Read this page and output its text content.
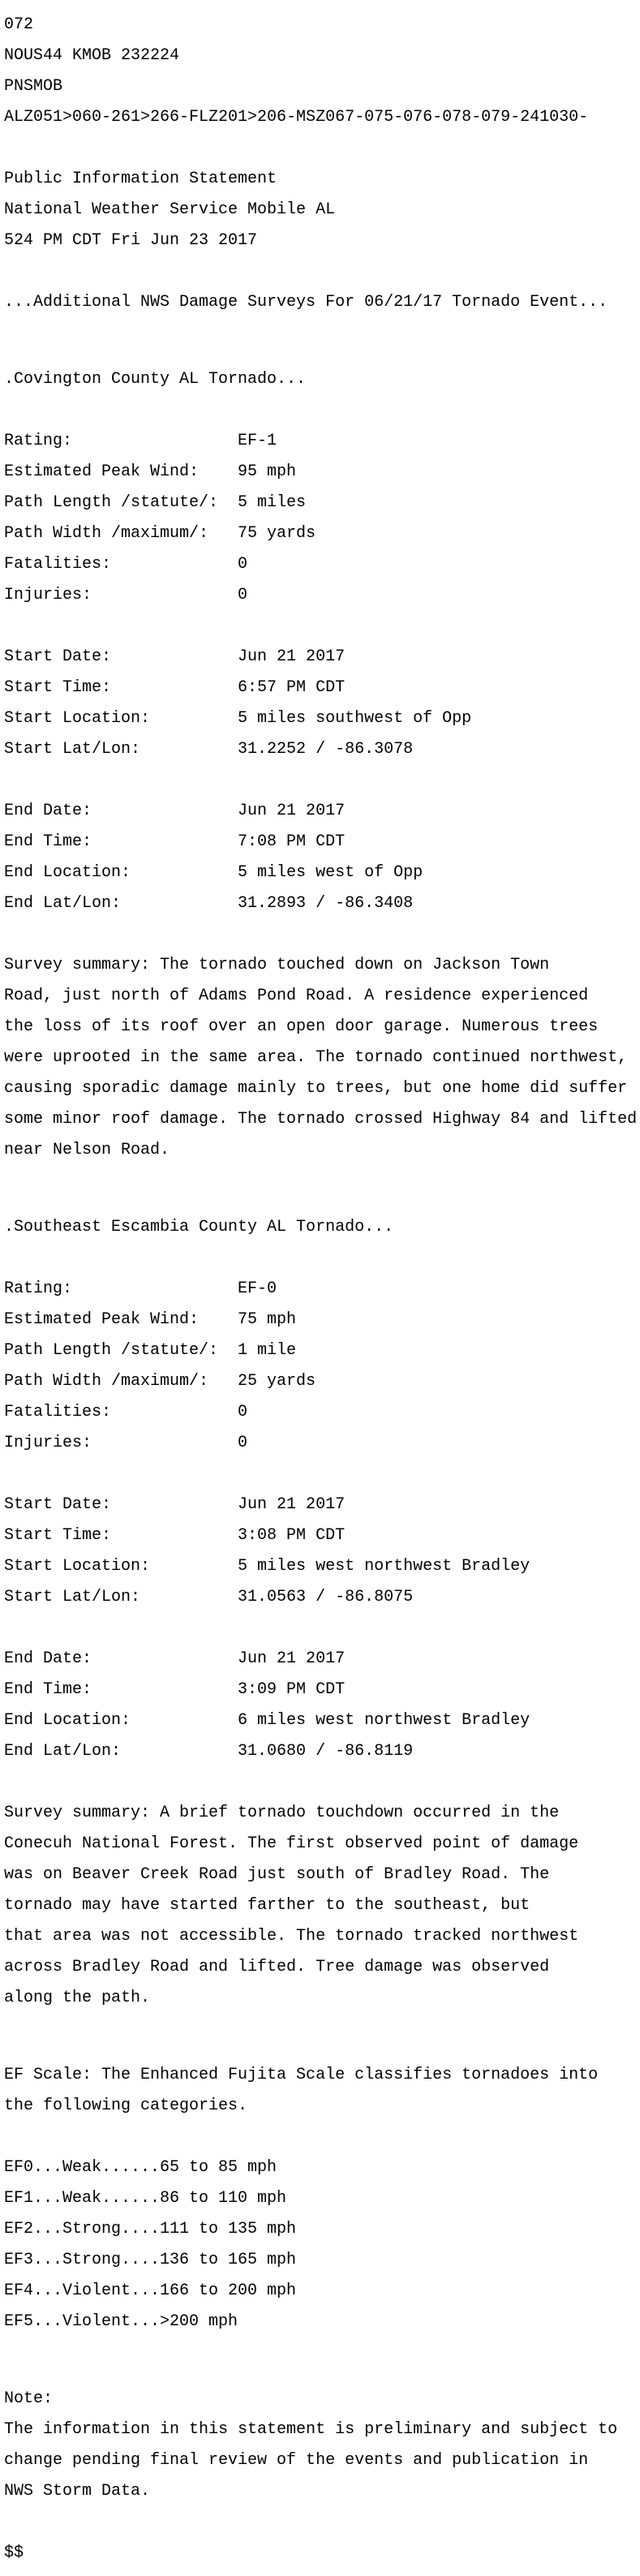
072

NOUS44 KMOB 232224

PNSMOB

ALZ051>060-261>266-FLZ201>206-MSZ067-075-076-078-079-241030-

Public Information Statement

National Weather Service Mobile AL

524 PM CDT Fri Jun 23 2017

...Additional NWS Damage Surveys For 06/21/17 Tornado Event...

.Covington County AL Tornado...

Rating:                 EF-1

Estimated Peak Wind:    95 mph

Path Length /statute/:  5 miles

Path Width /maximum/:   75 yards

Fatalities:             0

Injuries:               0

Start Date:             Jun 21 2017

Start Time:             6:57 PM CDT

Start Location:         5 miles southwest of Opp

Start Lat/Lon:          31.2252 / -86.3078

End Date:               Jun 21 2017

End Time:               7:08 PM CDT

End Location:           5 miles west of Opp

End Lat/Lon:            31.2893 / -86.3408

Survey summary: The tornado touched down on Jackson Town

Road, just north of Adams Pond Road. A residence experienced

the loss of its roof over an open door garage. Numerous trees

were uprooted in the same area. The tornado continued northwest,

causing sporadic damage mainly to trees, but one home did suffer

some minor roof damage. The tornado crossed Highway 84 and lifted

near Nelson Road.

.Southeast Escambia County AL Tornado...

Rating:                 EF-0

Estimated Peak Wind:    75 mph

Path Length /statute/:  1 mile

Path Width /maximum/:   25 yards

Fatalities:             0

Injuries:               0

Start Date:             Jun 21 2017

Start Time:             3:08 PM CDT

Start Location:         5 miles west northwest Bradley

Start Lat/Lon:          31.0563 / -86.8075

End Date:               Jun 21 2017

End Time:               3:09 PM CDT

End Location:           6 miles west northwest Bradley

End Lat/Lon:            31.0680 / -86.8119

Survey summary: A brief tornado touchdown occurred in the

Conecuh National Forest. The first observed point of damage

was on Beaver Creek Road just south of Bradley Road. The

tornado may have started farther to the southeast, but

that area was not accessible. The tornado tracked northwest

across Bradley Road and lifted. Tree damage was observed

along the path.

EF Scale: The Enhanced Fujita Scale classifies tornadoes into

the following categories.

EF0...Weak......65 to 85 mph

EF1...Weak......86 to 110 mph

EF2...Strong....111 to 135 mph

EF3...Strong....136 to 165 mph

EF4...Violent...166 to 200 mph

EF5...Violent...>200 mph

Note:

The information in this statement is preliminary and subject to

change pending final review of the events and publication in

NWS Storm Data.

$$
